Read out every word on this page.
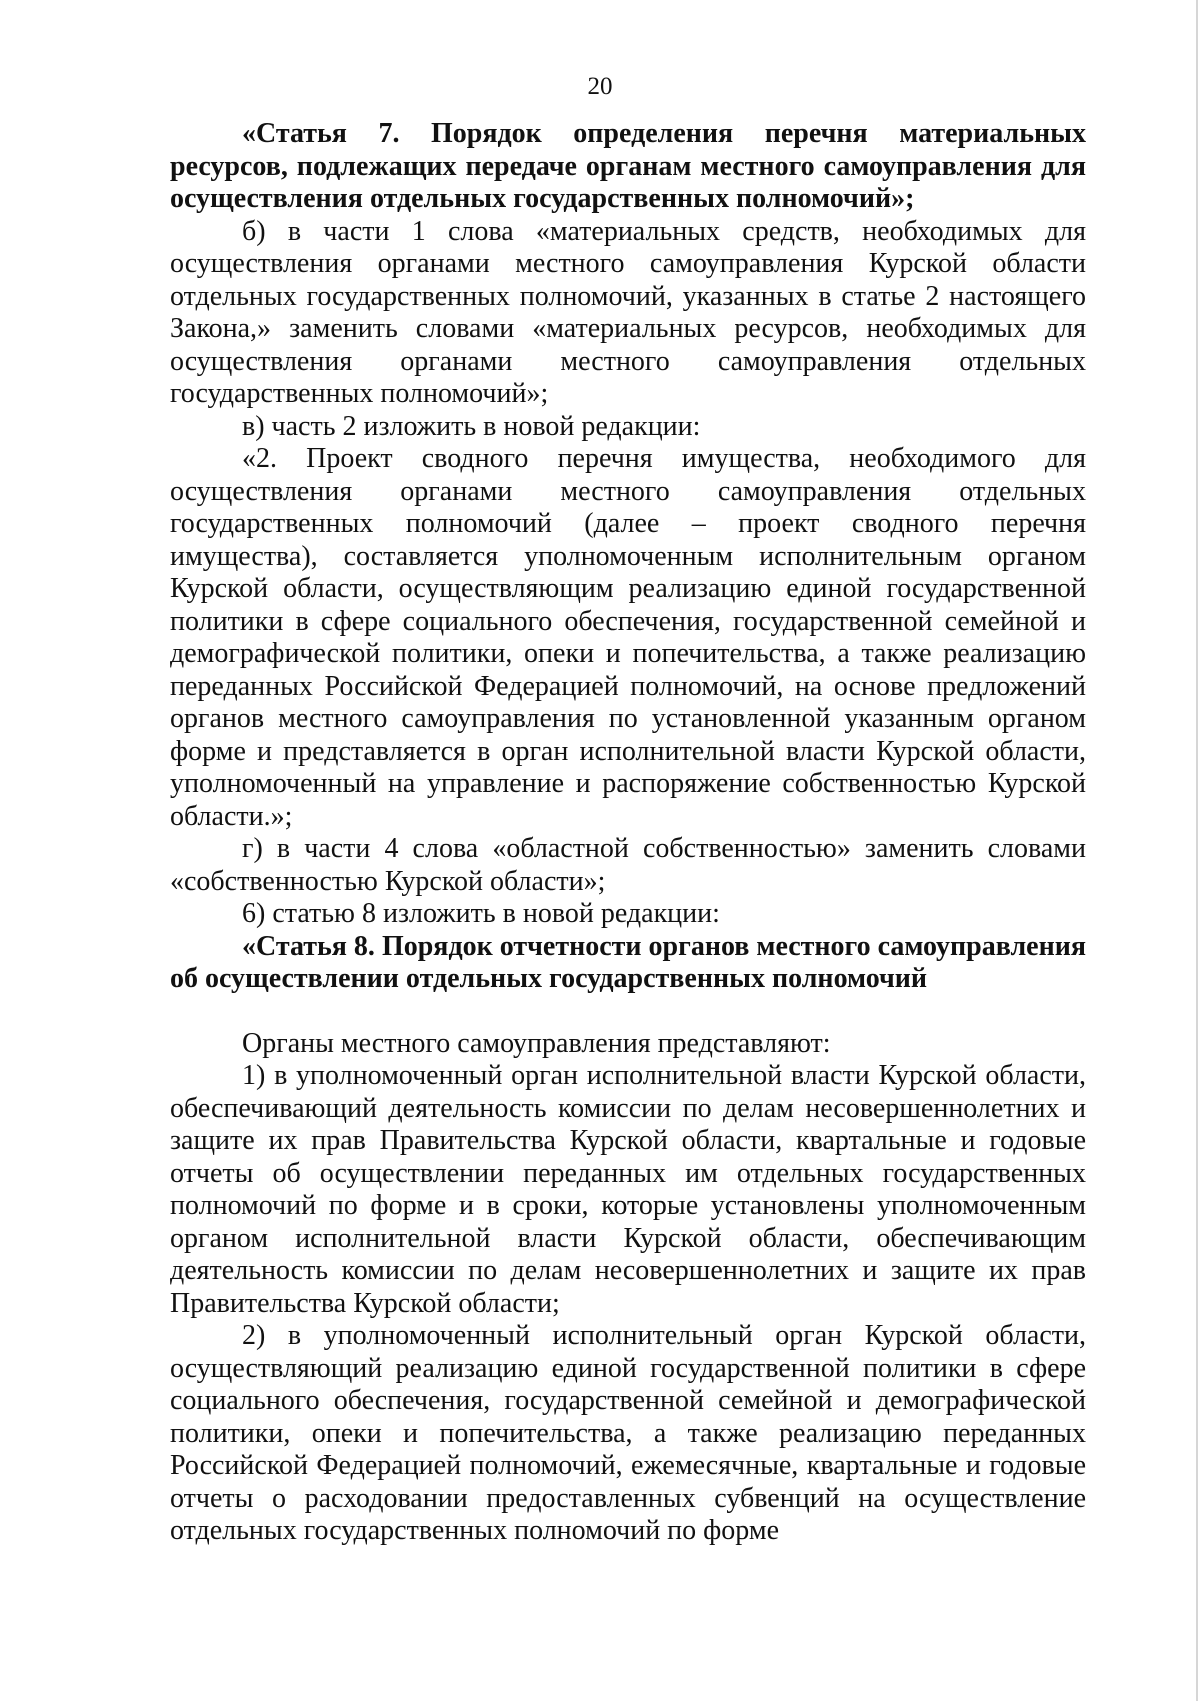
20

«Статья 7. Порядок определения перечня материальных ресурсов, подлежащих передаче органам местного самоуправления для осуществления отдельных государственных полномочий»;

б) в части 1 слова «материальных средств, необходимых для осуществления органами местного самоуправления Курской области отдельных государственных полномочий, указанных в статье 2 настоящего Закона,» заменить словами «материальных ресурсов, необходимых для осуществления органами местного самоуправления отдельных государственных полномочий»;

в) часть 2 изложить в новой редакции:

«2. Проект сводного перечня имущества, необходимого для осуществления органами местного самоуправления отдельных государственных полномочий (далее – проект сводного перечня имущества), составляется уполномоченным исполнительным органом Курской области, осуществляющим реализацию единой государственной политики в сфере социального обеспечения, государственной семейной и демографической политики, опеки и попечительства, а также реализацию переданных Российской Федерацией полномочий, на основе предложений органов местного самоуправления по установленной указанным органом форме и представляется в орган исполнительной власти Курской области, уполномоченный на управление и распоряжение собственностью Курской области.»;

г) в части 4 слова «областной собственностью» заменить словами «собственностью Курской области»;

6) статью 8 изложить в новой редакции:

«Статья 8. Порядок отчетности органов местного самоуправления об осуществлении отдельных государственных полномочий

Органы местного самоуправления представляют:

1) в уполномоченный орган исполнительной власти Курской области, обеспечивающий деятельность комиссии по делам несовершеннолетних и защите их прав Правительства Курской области, квартальные и годовые отчеты об осуществлении переданных им отдельных государственных полномочий по форме и в сроки, которые установлены уполномоченным органом исполнительной власти Курской области, обеспечивающим деятельность комиссии по делам несовершеннолетних и защите их прав Правительства Курской области;

2) в уполномоченный исполнительный орган Курской области, осуществляющий реализацию единой государственной политики в сфере социального обеспечения, государственной семейной и демографической политики, опеки и попечительства, а также реализацию переданных Российской Федерацией полномочий, ежемесячные, квартальные и годовые отчеты о расходовании предоставленных субвенций на осуществление отдельных государственных полномочий по форме
